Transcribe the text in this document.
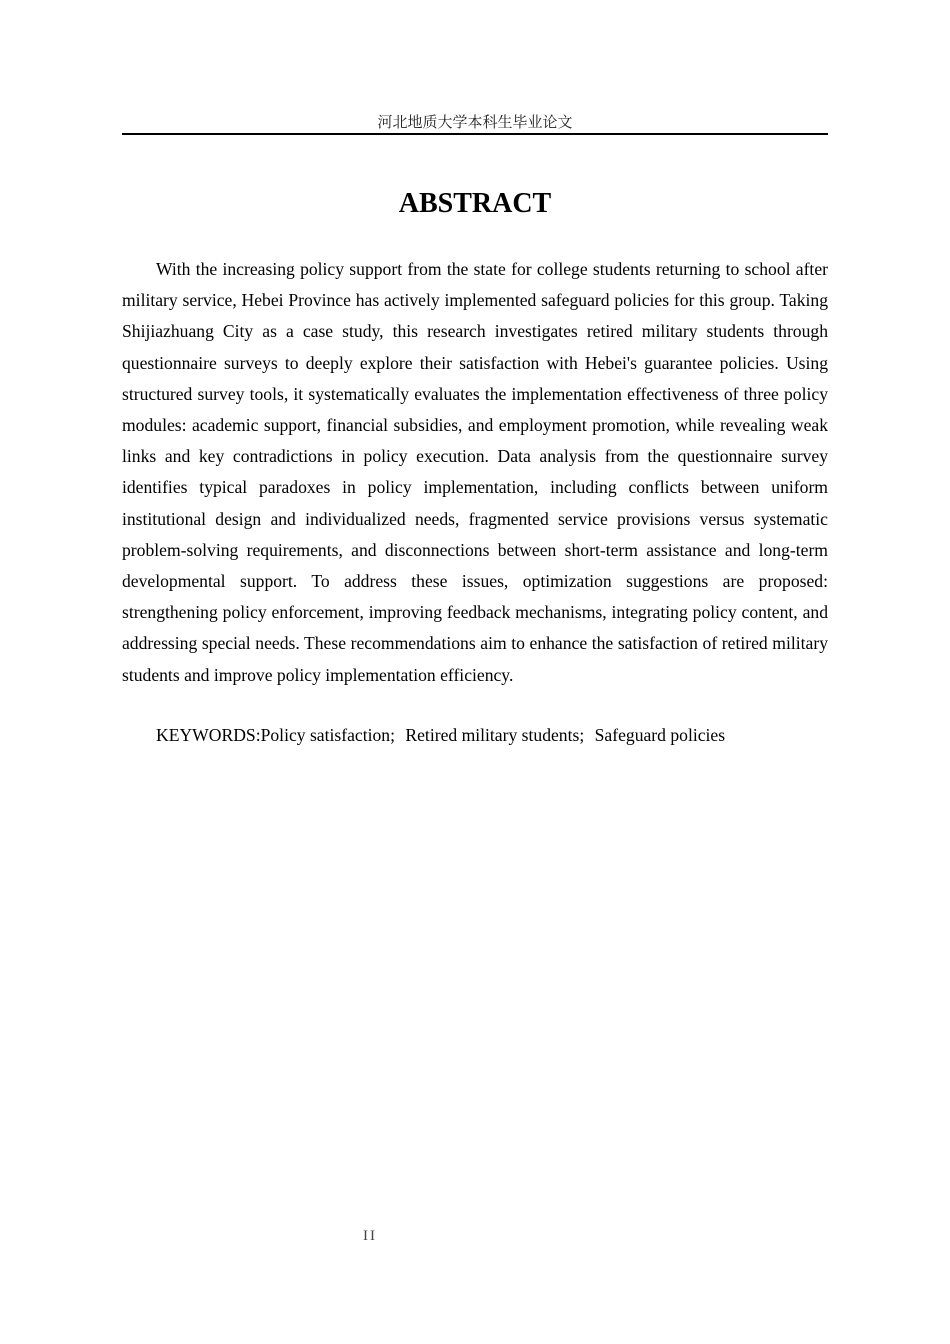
河北地质大学本科生毕业论文
ABSTRACT

With the increasing policy support from the state for college students returning to school after military service, Hebei Province has actively implemented safeguard policies for this group. Taking Shijiazhuang City as a case study, this research investigates retired military students through questionnaire surveys to deeply explore their satisfaction with Hebei's guarantee policies. Using structured survey tools, it systematically evaluates the implementation effectiveness of three policy modules: academic support, financial subsidies, and employment promotion, while revealing weak links and key contradictions in policy execution. Data analysis from the questionnaire survey identifies typical paradoxes in policy implementation, including conflicts between uniform institutional design and individualized needs, fragmented service provisions versus systematic problem-solving requirements, and disconnections between short-term assistance and long-term developmental support. To address these issues, optimization suggestions are proposed: strengthening policy enforcement, improving feedback mechanisms, integrating policy content, and addressing special needs. These recommendations aim to enhance the satisfaction of retired military students and improve policy implementation efficiency.

KEYWORDS:Policy satisfaction; Retired military students; Safeguard policies

II
